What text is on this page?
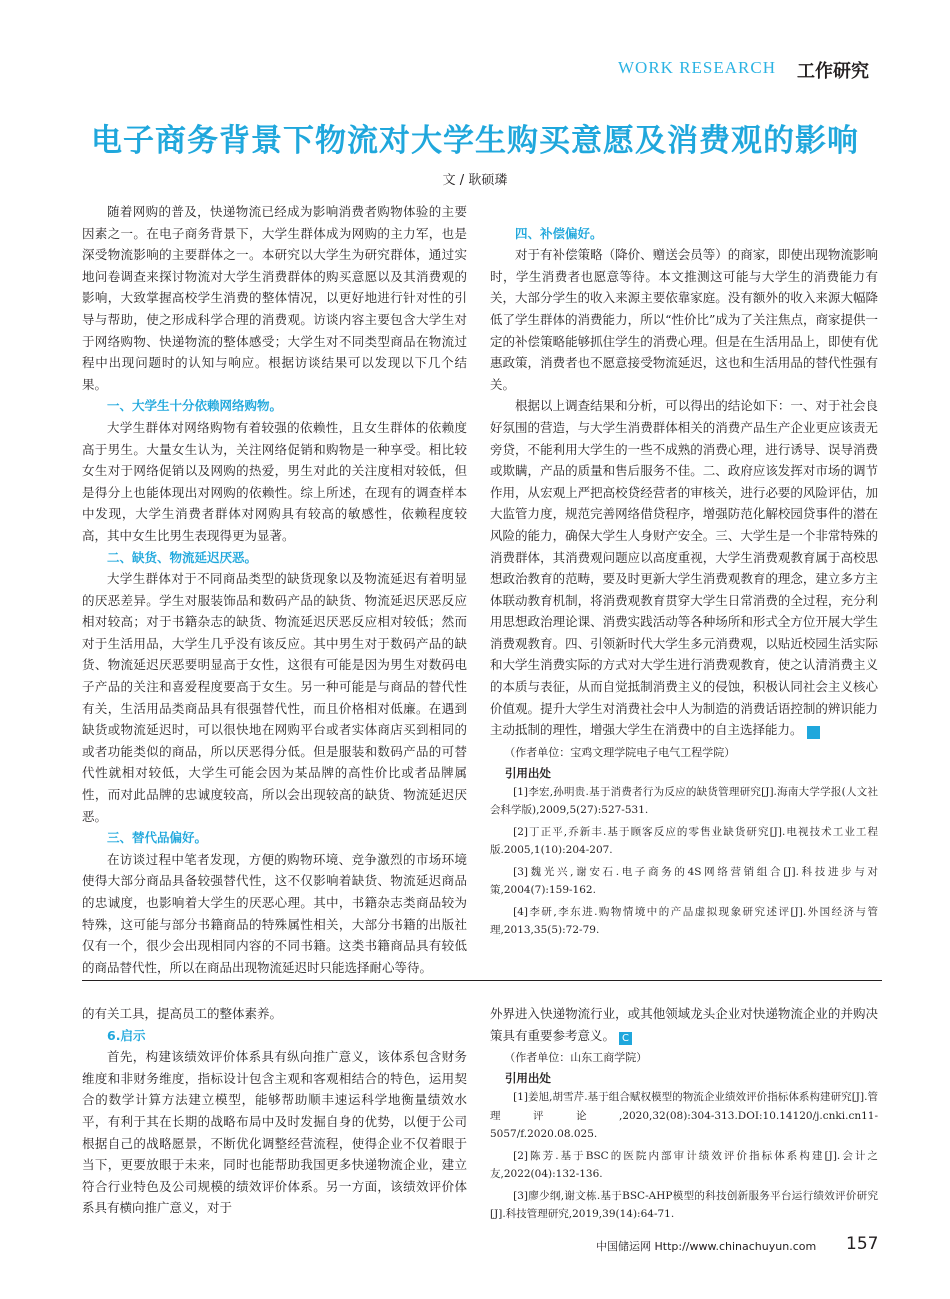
WORK RESEARCH	工作研究
电子商务背景下物流对大学生购买意愿及消费观的影响
文 / 耿硕璘

随着网购的普及，快递物流已经成为影响消费者购物体验的主要因素之一。在电子商务背景下，大学生群体成为网购的主力军，也是深受物流影响的主要群体之一。本研究以大学生为研究群体，通过实地问卷调查来探讨物流对大学生消费群体的购买意愿以及其消费观的影响，大致掌握高校学生消费的整体情况，以更好地进行针对性的引导与帮助，使之形成科学合理的消费观。访谈内容主要包含大学生对于网络购物、快递物流的整体感受；大学生对不同类型商品在物流过程中出现问题时的认知与响应。根据访谈结果可以发现以下几个结果。

一、大学生十分依赖网络购物。

大学生群体对网络购物有着较强的依赖性，且女生群体的依赖度高于男生。大量女生认为，关注网络促销和购物是一种享受。相比较女生对于网络促销以及网购的热爱，男生对此的关注度相对较低，但是得分上也能体现出对网购的依赖性。综上所述，在现有的调查样本中发现，大学生消费者群体对网购具有较高的敏感性，依赖程度较高，其中女生比男生表现得更为显著。

二、缺货、物流延迟厌恶。

大学生群体对于不同商品类型的缺货现象以及物流延迟有着明显的厌恶差异。学生对服装饰品和数码产品的缺货、物流延迟厌恶反应相对较高；对于书籍杂志的缺货、物流延迟厌恶反应相对较低；然而对于生活用品，大学生几乎没有该反应。其中男生对于数码产品的缺货、物流延迟厌恶要明显高于女性，这很有可能是因为男生对数码电子产品的关注和喜爱程度要高于女生。另一种可能是与商品的替代性有关，生活用品类商品具有很强替代性，而且价格相对低廉。在遇到缺货或物流延迟时，可以很快地在网购平台或者实体商店买到相同的或者功能类似的商品，所以厌恶得分低。但是服装和数码产品的可替代性就相对较低，大学生可能会因为某品牌的高性价比或者品牌属性，而对此品牌的忠诚度较高，所以会出现较高的缺货、物流延迟厌恶。

三、替代品偏好。

在访谈过程中笔者发现，方便的购物环境、竞争激烈的市场环境使得大部分商品具备较强替代性，这不仅影响着缺货、物流延迟商品的忠诚度，也影响着大学生的厌恶心理。其中，书籍杂志类商品较为特殊，这可能与部分书籍商品的特殊属性相关，大部分书籍的出版社仅有一个，很少会出现相同内容的不同书籍。这类书籍商品具有较低的商品替代性，所以在商品出现物流延迟时只能选择耐心等待。

四、补偿偏好。

对于有补偿策略（降价、赠送会员等）的商家，即使出现物流影响时，学生消费者也愿意等待。本文推测这可能与大学生的消费能力有关，大部分学生的收入来源主要依靠家庭。没有额外的收入来源大幅降低了学生群体的消费能力，所以“性价比”成为了关注焦点，商家提供一定的补偿策略能够抓住学生的消费心理。但是在生活用品上，即使有优惠政策，消费者也不愿意接受物流延迟，这也和生活用品的替代性强有关。

根据以上调查结果和分析，可以得出的结论如下：一、对于社会良好氛围的营造，与大学生消费群体相关的消费产品生产企业更应该责无旁贷，不能利用大学生的一些不成熟的消费心理，进行诱导、误导消费或欺瞒，产品的质量和售后服务不佳。二、政府应该发挥对市场的调节作用，从宏观上严把高校贷经营者的审核关，进行必要的风险评估，加大监管力度，规范完善网络借贷程序，增强防范化解校园贷事件的潜在风险的能力，确保大学生人身财产安全。三、大学生是一个非常特殊的消费群体，其消费观问题应以高度重视，大学生消费观教育属于高校思想政治教育的范畴，要及时更新大学生消费观教育的理念，建立多方主体联动教育机制，将消费观教育贯穿大学生日常消费的全过程，充分利用思想政治理论课、消费实践活动等各种场所和形式全方位开展大学生消费观教育。四、引领新时代大学生多元消费观，以贴近校园生活实际和大学生消费实际的方式对大学生进行消费观教育，使之认清消费主义的本质与表征，从而自觉抵制消费主义的侵蚀，积极认同社会主义核心价值观。提升大学生对消费社会中人为制造的消费话语控制的辨识能力主动抵制的理性，增强大学生在消费中的自主选择能力。	C

（作者单位：宝鸡文理学院电子电气工程学院）
引用出处
[1]李宏,孙明贵.基于消费者行为反应的缺货管理研究[J].海南大学学报(人文社会科学版),2009,5(27):527-531.
[2]丁正平,乔新丰.基于顾客反应的零售业缺货研究[J].电视技术工业工程版.2005,1(10):204-207.
[3]魏光兴,谢安石.电子商务的4S网络营销组合[J].科技进步与对策,2004(7):159-162.
[4]李研,李东进.购物情境中的产品虚拟现象研究述评[J].外国经济与管理,2013,35(5):72-79.

的有关工具，提高员工的整体素养。

6.启示

首先，构建该绩效评价体系具有纵向推广意义，该体系包含财务维度和非财务维度，指标设计包含主观和客观相结合的特色，运用契合的数学计算方法建立模型，能够帮助顺丰速运科学地衡量绩效水平，有利于其在长期的战略布局中及时发掘自身的优势，以便于公司根据自己的战略愿景，不断优化调整经营流程，使得企业不仅着眼于当下，更要放眼于未来，同时也能帮助我国更多快递物流企业，建立符合行业特色及公司规模的绩效评价体系。另一方面，该绩效评价体系具有横向推广意义，对于

外界进入快递物流行业，或其他领域龙头企业对快递物流企业的并购决策具有重要参考意义。 C

（作者单位：山东工商学院）
引用出处
[1]姜旭,胡雪芹.基于组合赋权模型的物流企业绩效评价指标体系构建研究[J].管理评论,2020,32(08):304-313.DOI:10.14120/j.cnki.cn11-5057/f.2020.08.025.
[2]陈芳.基于BSC的医院内部审计绩效评价指标体系构建[J].会计之友,2022(04):132-136.
[3]廖少纲,谢文栋.基于BSC-AHP模型的科技创新服务平台运行绩效评价研究[J].科技管理研究,2019,39(14):64-71.
中国储运网 Http://www.chinachuyun.com 157
